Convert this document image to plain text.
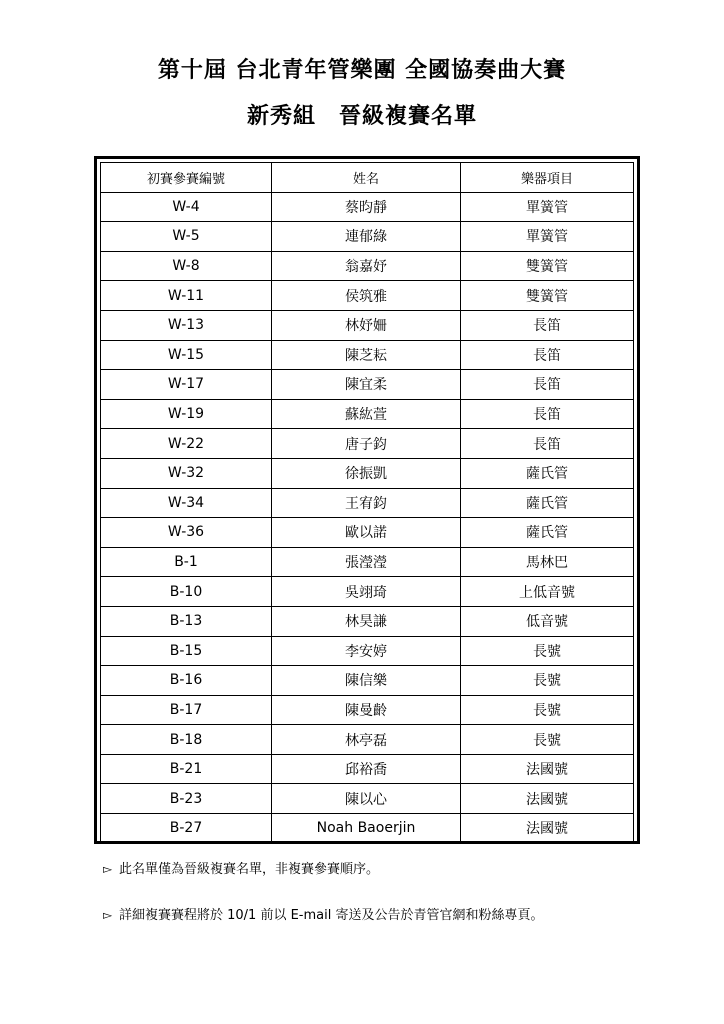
第十屆 台北青年管樂團 全國協奏曲大賽
新秀組　晉級複賽名單
初賽參賽編號	姓名	樂器項目
W-4	蔡昀靜	單簧管
W-5	連郁綠	單簧管
W-8	翁嘉妤	雙簧管
W-11	侯筑雅	雙簧管
W-13	林妤姍	長笛
W-15	陳芝耘	長笛
W-17	陳宜柔	長笛
W-19	蘇紘萱	長笛
W-22	唐子鈞	長笛
W-32	徐振凱	薩氏管
W-34	王宥鈞	薩氏管
W-36	歐以諾	薩氏管
B-1	張瀅瀅	馬林巴
B-10	吳翊琦	上低音號
B-13	林昊謙	低音號
B-15	李安婷	長號
B-16	陳信樂	長號
B-17	陳曼齡	長號
B-18	林亭磊	長號
B-21	邱裕喬	法國號
B-23	陳以心	法國號
B-27	Noah Baoerjin	法國號
▻ 此名單僅為晉級複賽名單，非複賽參賽順序。
▻ 詳細複賽賽程將於 10/1 前以 E-mail 寄送及公告於青管官網和粉絲專頁。
